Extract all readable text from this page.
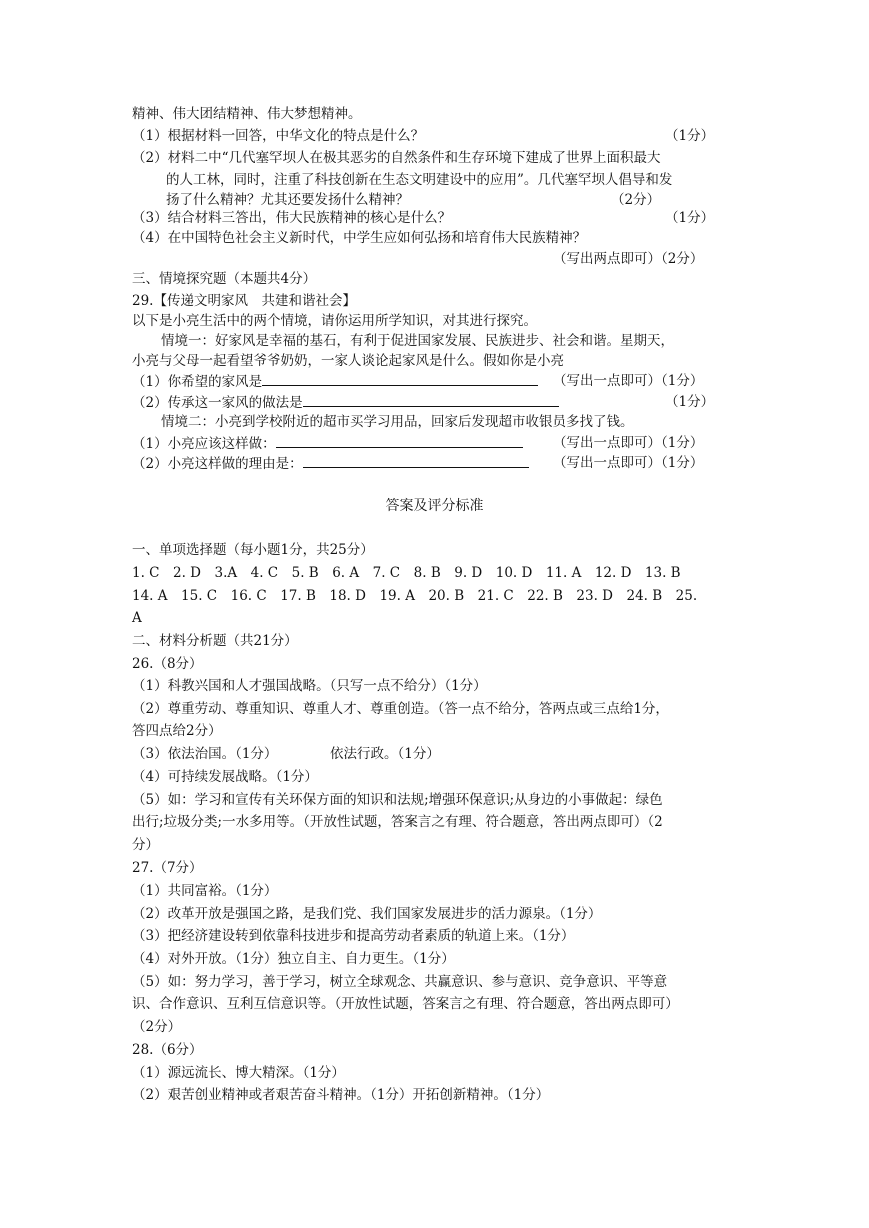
精神、伟大团结精神、伟大梦想精神。
（1）根据材料一回答，中华文化的特点是什么？	（1分）
（2）材料二中“几代塞罕坝人在极其恶劣的自然条件和生存环境下建成了世界上面积最大
的人工林，同时，注重了科技创新在生态文明建设中的应用”。几代塞罕坝人倡导和发
扬了什么精神？尤其还要发扬什么精神？	（2分）
（3）结合材料三答出，伟大民族精神的核心是什么？	（1分）
（4）在中国特色社会主义新时代，中学生应如何弘扬和培育伟大民族精神？
（写出两点即可）（2分）
三、情境探究题（本题共4分）
29.【传递文明家风　共建和谐社会】
以下是小亮生活中的两个情境，请你运用所学知识，对其进行探究。
情境一：好家风是幸福的基石，有利于促进国家发展、民族进步、社会和谐。星期天，
小亮与父母一起看望爷爷奶奶，一家人谈论起家风是什么。假如你是小亮
（1）你希望的家风是	（写出一点即可）（1分）
（2）传承这一家风的做法是	（1分）
情境二：小亮到学校附近的超市买学习用品，回家后发现超市收银员多找了钱。
（1）小亮应该这样做：	（写出一点即可）（1分）
（2）小亮这样做的理由是：	（写出一点即可）（1分）
答案及评分标准
一、单项选择题（每小题1分，共25分）
1. C　2. D　3.A　4. C　5. B　6. A　7. C　8. B　9. D　10. D　11. A　12. D　13. B
14. A　15. C　16. C　17. B　18. D　19. A　20. B　21. C　22. B　23. D　24. B　25.
A
二、材料分析题（共21分）
26.（8分）
（1）科教兴国和人才强国战略。（只写一点不给分）（1分）
（2）尊重劳动、尊重知识、尊重人才、尊重创造。（答一点不给分，答两点或三点给1分，
答四点给2分）
（3）依法治国。（1分）	依法行政。（1分）
（4）可持续发展战略。（1分）
（5）如：学习和宣传有关环保方面的知识和法规;增强环保意识;从身边的小事做起：绿色
出行;垃圾分类;一水多用等。（开放性试题，答案言之有理、符合题意，答出两点即可）（2
分）
27.（7分）
（1）共同富裕。（1分）
（2）改革开放是强国之路，是我们党、我们国家发展进步的活力源泉。（1分）
（3）把经济建设转到依靠科技进步和提高劳动者素质的轨道上来。（1分）
（4）对外开放。（1分）独立自主、自力更生。（1分）
（5）如：努力学习，善于学习，树立全球观念、共赢意识、参与意识、竞争意识、平等意
识、合作意识、互利互信意识等。（开放性试题，答案言之有理、符合题意，答出两点即可）
（2分）
28.（6分）
（1）源远流长、博大精深。（1分）
（2）艰苦创业精神或者艰苦奋斗精神。（1分）开拓创新精神。（1分）
